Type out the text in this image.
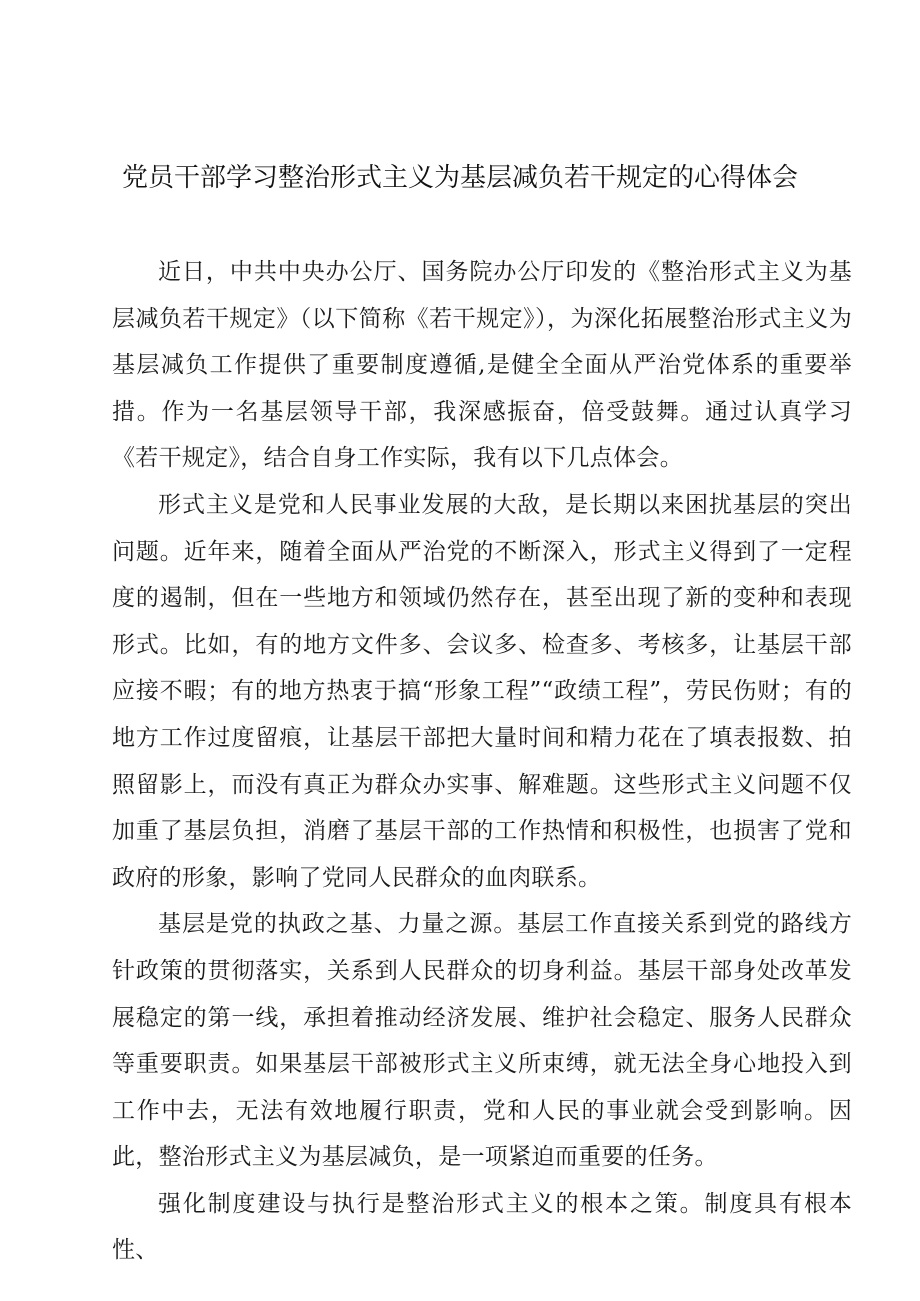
党员干部学习整治形式主义为基层减负若干规定的心得体会

近日，中共中央办公厅、国务院办公厅印发的《整治形式主义为基层减负若干规定》（以下简称《若干规定》），为深化拓展整治形式主义为基层减负工作提供了重要制度遵循,是健全全面从严治党体系的重要举措。作为一名基层领导干部，我深感振奋，倍受鼓舞。通过认真学习《若干规定》，结合自身工作实际，我有以下几点体会。

形式主义是党和人民事业发展的大敌，是长期以来困扰基层的突出问题。近年来，随着全面从严治党的不断深入，形式主义得到了一定程度的遏制，但在一些地方和领域仍然存在，甚至出现了新的变种和表现形式。比如，有的地方文件多、会议多、检查多、考核多，让基层干部应接不暇；有的地方热衷于搞“形象工程”“政绩工程”，劳民伤财；有的地方工作过度留痕，让基层干部把大量时间和精力花在了填表报数、拍照留影上，而没有真正为群众办实事、解难题。这些形式主义问题不仅加重了基层负担，消磨了基层干部的工作热情和积极性，也损害了党和政府的形象，影响了党同人民群众的血肉联系。

基层是党的执政之基、力量之源。基层工作直接关系到党的路线方针政策的贯彻落实，关系到人民群众的切身利益。基层干部身处改革发展稳定的第一线，承担着推动经济发展、维护社会稳定、服务人民群众等重要职责。如果基层干部被形式主义所束缚，就无法全身心地投入到工作中去，无法有效地履行职责，党和人民的事业就会受到影响。因此，整治形式主义为基层减负，是一项紧迫而重要的任务。

强化制度建设与执行是整治形式主义的根本之策。制度具有根本性、
